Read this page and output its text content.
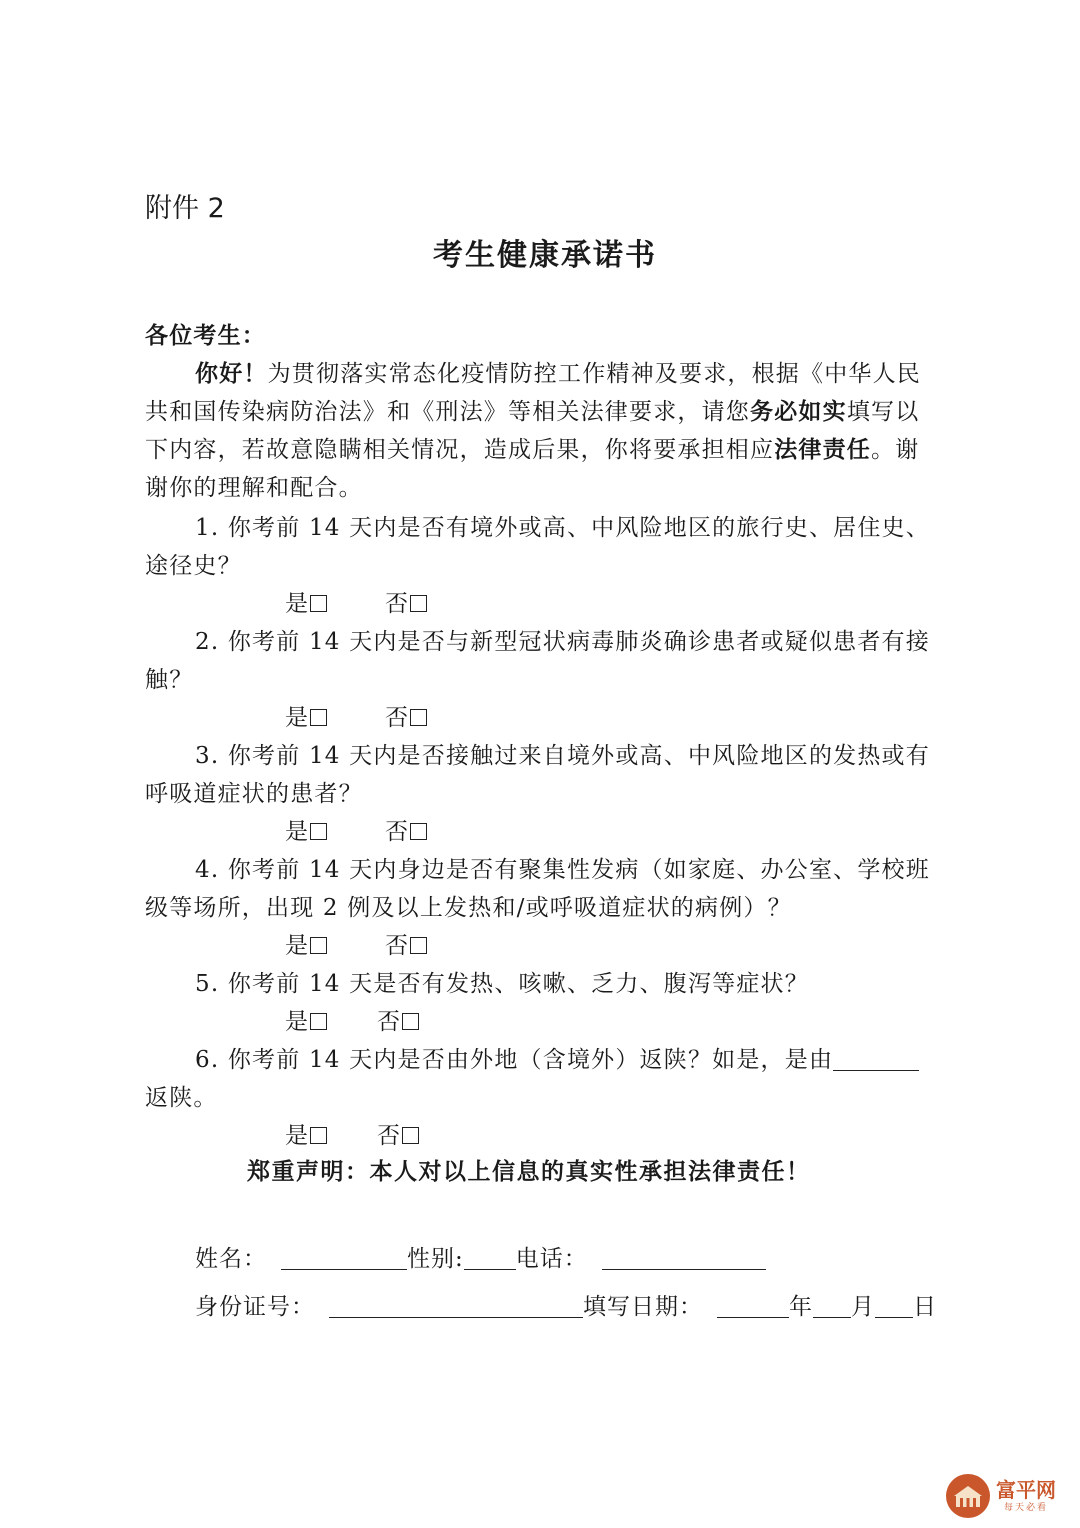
附件 2
考生健康承诺书
各位考生：
你好！为贯彻落实常态化疫情防控工作精神及要求，根据《中华人民
共和国传染病防治法》和《刑法》等相关法律要求，请您务必如实填写以
下内容，若故意隐瞒相关情况，造成后果，你将要承担相应法律责任。谢
谢你的理解和配合。
1. 你考前 14 天内是否有境外或高、中风险地区的旅行史、居住史、
途径史？
是	否
2. 你考前 14 天内是否与新型冠状病毒肺炎确诊患者或疑似患者有接
触？
是	否
3. 你考前 14 天内是否接触过来自境外或高、中风险地区的发热或有
呼吸道症状的患者？
是	否
4. 你考前 14 天内身边是否有聚集性发病（如家庭、办公室、学校班
级等场所，出现 2 例及以上发热和/或呼吸道症状的病例）？
是	否
5. 你考前 14 天是否有发热、咳嗽、乏力、腹泻等症状？
是	否
6. 你考前 14 天内是否由外地（含境外）返陕？如是，是由
返陕。
是	否
郑重声明：本人对以上信息的真实性承担法律责任！
姓名：	性别: 电话：
身份证号：	填写日期：	年 月 日
富平网
每天必看
